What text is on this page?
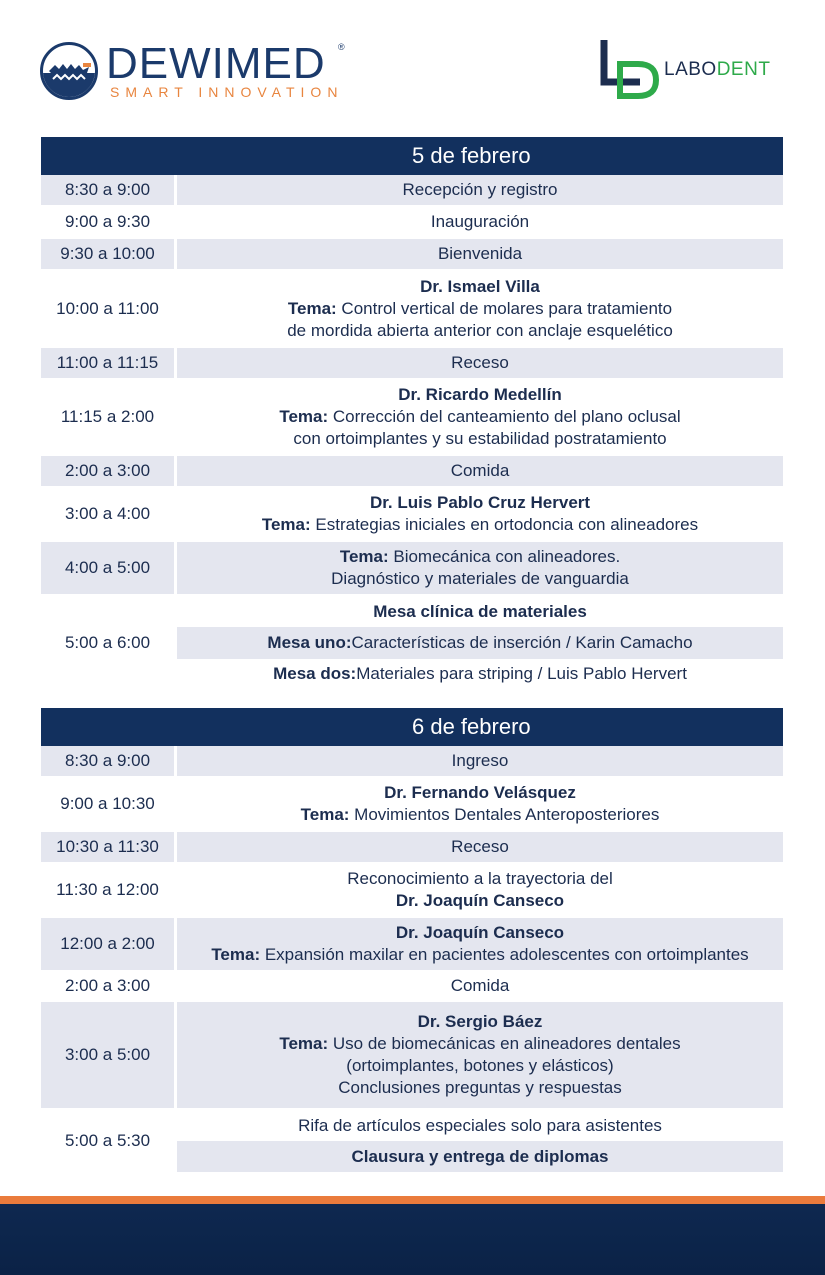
DEWIMED ®
SMART INNOVATION
LABODENT
5 de febrero
8:30 a 9:00	Recepción y registro
9:00 a 9:30	Inauguración
9:30 a 10:00	Bienvenida
10:00 a 11:00
Dr. Ismael Villa
Tema: Control vertical de molares para tratamiento
de mordida abierta anterior con anclaje esquelético
11:00 a 11:15	Receso
11:15 a 2:00
Dr. Ricardo Medellín
Tema: Corrección del canteamiento del plano oclusal
con ortoimplantes y su estabilidad postratamiento
2:00 a 3:00	Comida
3:00 a 4:00
Dr. Luis Pablo Cruz Hervert
Tema: Estrategias iniciales en ortodoncia con alineadores
4:00 a 5:00
Tema: Biomecánica con alineadores.
Diagnóstico y materiales de vanguardia
5:00 a 6:00
Mesa clínica de materiales
Mesa uno: Características de inserción / Karin Camacho
Mesa dos: Materiales para striping / Luis Pablo Hervert
6 de febrero
8:30 a 9:00	Ingreso
9:00 a 10:30
Dr. Fernando Velásquez
Tema: Movimientos Dentales Anteroposteriores
10:30 a 11:30	Receso
11:30 a 12:00
Reconocimiento a la trayectoria del
Dr. Joaquín Canseco
12:00 a 2:00
Dr. Joaquín Canseco
Tema: Expansión maxilar en pacientes adolescentes con ortoimplantes
2:00 a 3:00	Comida
3:00 a 5:00
Dr. Sergio Báez
Tema: Uso de biomecánicas en alineadores dentales
(ortoimplantes, botones y elásticos)
Conclusiones preguntas y respuestas
5:00 a 5:30
Rifa de artículos especiales solo para asistentes
Clausura y entrega de diplomas
